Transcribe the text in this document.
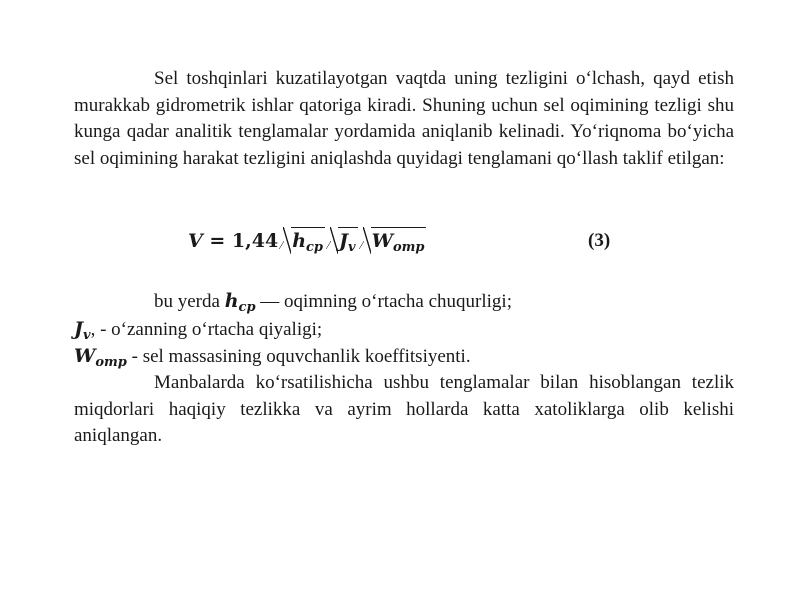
Sel toshqinlari kuzatilayotgan vaqtda uning tezligini o‘lchash, qayd etish murakkab gidrometrik ishlar qatoriga kiradi. Shuning uchun sel oqimining tezligi shu kunga qadar analitik tenglamalar yordamida aniqlanib kelinadi. Yo‘riqnoma bo‘yicha sel oqimining harakat tezligini aniqlashda quyidagi tenglamani qo‘llash taklif etilgan:

V = 1,44 $h_{cp}$ $J_v$ $W_{omp}$	(3)
bu yerda $h_{cp}$ — oqimning o‘rtacha chuqurligi;
$J_v$, - o‘zanning o‘rtacha qiyaligi;
$W_{omp}$ - sel massasining oquvchanlik koeffitsiyenti.

Manbalarda ko‘rsatilishicha ushbu tenglamalar bilan hisoblangan tezlik miqdorlari haqiqiy tezlikka va ayrim hollarda katta xatoliklarga olib kelishi aniqlangan.
